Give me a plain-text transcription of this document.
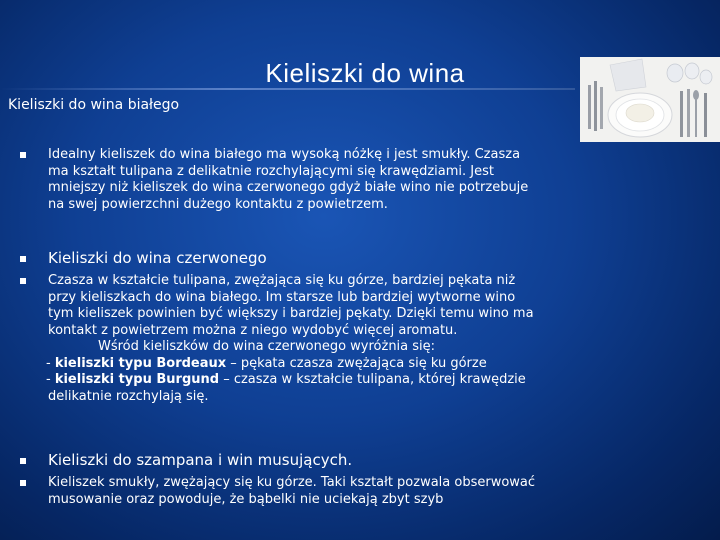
Kieliszki do wina
Kieliszki do wina białego
Idealny kieliszek do wina białego ma wysoką nóżkę i jest smukły. Czasza
ma kształt tulipana z delikatnie rozchylającymi się krawędziami. Jest
mniejszy niż kieliszek do wina czerwonego gdyż białe wino nie potrzebuje
na swej powierzchni dużego kontaktu z powietrzem.
Kieliszki do wina czerwonego
Czasza w kształcie tulipana, zwężająca się ku górze, bardziej pękata niż
przy kieliszkach do wina białego. Im starsze lub bardziej wytworne wino
tym kieliszek powinien być większy i bardziej pękaty. Dzięki temu wino ma
kontakt z powietrzem można z niego wydobyć więcej aromatu.
Wśród kieliszków do wina czerwonego wyróżnia się:
- kieliszki typu Bordeaux – pękata czasza zwężająca się ku górze
- kieliszki typu Burgund – czasza w kształcie tulipana, której krawędzie
delikatnie rozchylają się.
Kieliszki do szampana i win musujących.
Kieliszek smukły, zwężający się ku górze. Taki kształt pozwala obserwować
musowanie oraz powoduje, że bąbelki nie uciekają zbyt szyb
